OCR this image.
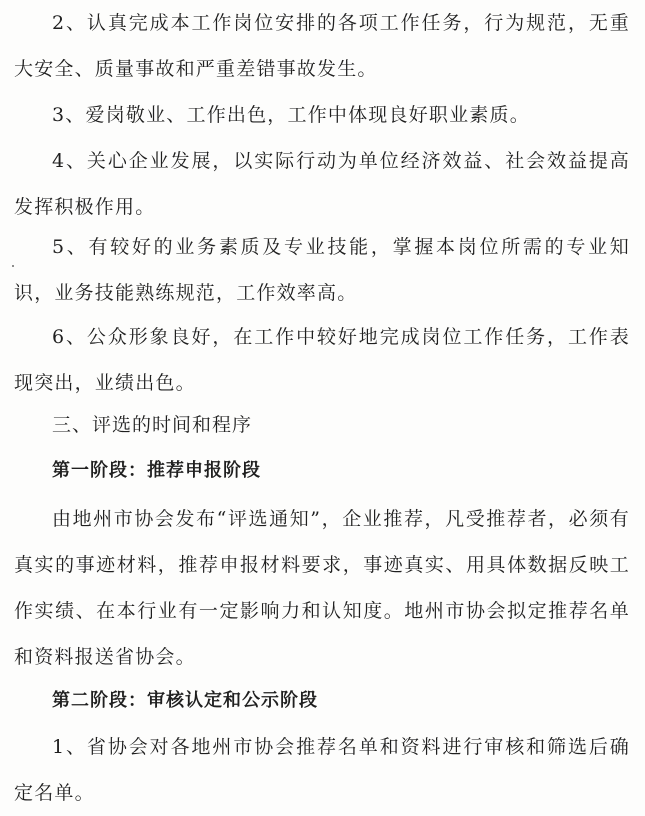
2、认真完成本工作岗位安排的各项工作任务，行为规范，无重大安全、质量事故和严重差错事故发生。
3、爱岗敬业、工作出色，工作中体现良好职业素质。
4、关心企业发展，以实际行动为单位经济效益、社会效益提高发挥积极作用。
5、有较好的业务素质及专业技能，掌握本岗位所需的专业知识，业务技能熟练规范，工作效率高。
6、公众形象良好，在工作中较好地完成岗位工作任务，工作表现突出，业绩出色。
三、评选的时间和程序
第一阶段：推荐申报阶段
由地州市协会发布“评选通知”，企业推荐，凡受推荐者，必须有真实的事迹材料，推荐申报材料要求，事迹真实、用具体数据反映工作实绩、在本行业有一定影响力和认知度。地州市协会拟定推荐名单和资料报送省协会。
第二阶段：审核认定和公示阶段
1、省协会对各地州市协会推荐名单和资料进行审核和筛选后确定名单。
